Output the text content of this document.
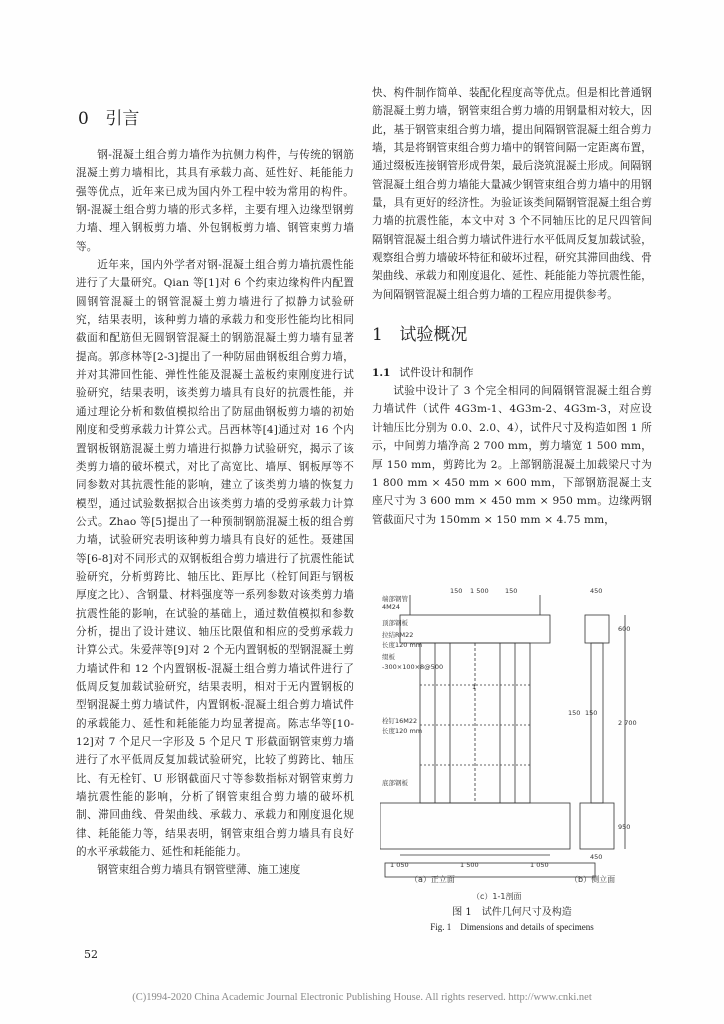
0 引言

钢-混凝土组合剪力墙作为抗侧力构件，与传统的钢筋混凝土剪力墙相比，其具有承载力高、延性好、耗能能力强等优点，近年来已成为国内外工程中较为常用的构件。钢-混凝土组合剪力墙的形式多样，主要有埋入边缘型钢剪力墙、埋入钢板剪力墙、外包钢板剪力墙、钢管束剪力墙等。

近年来，国内外学者对钢-混凝土组合剪力墙抗震性能进行了大量研究。Qian 等[1]对 6 个约束边缘构件内配置圆钢管混凝土的钢管混凝土剪力墙进行了拟静力试验研究，结果表明，该种剪力墙的承载力和变形性能均比相同截面和配筋但无圆钢管混凝土的钢筋混凝土剪力墙有显著提高。郭彦林等[2-3]提出了一种防屈曲钢板组合剪力墙，并对其滞回性能、弹性性能及混凝土盖板约束刚度进行试验研究，结果表明，该类剪力墙具有良好的抗震性能，并通过理论分析和数值模拟给出了防屈曲钢板剪力墙的初始刚度和受剪承载力计算公式。吕西林等[4]通过对 16 个内置钢板钢筋混凝土剪力墙进行拟静力试验研究，揭示了该类剪力墙的破坏模式，对比了高宽比、墙厚、钢板厚等不同参数对其抗震性能的影响，建立了该类剪力墙的恢复力模型，通过试验数据拟合出该类剪力墙的受剪承载力计算公式。Zhao 等[5]提出了一种预制钢筋混凝土板的组合剪力墙，试验研究表明该种剪力墙具有良好的延性。聂建国等[6-8]对不同形式的双钢板组合剪力墙进行了抗震性能试验研究，分析剪跨比、轴压比、距厚比（栓钉间距与钢板厚度之比）、含钢量、材料强度等一系列参数对该类剪力墙抗震性能的影响，在试验的基础上，通过数值模拟和参数分析，提出了设计建议、轴压比限值和相应的受剪承载力计算公式。朱爱萍等[9]对 2 个无内置钢板的型钢混凝土剪力墙试件和 12 个内置钢板-混凝土组合剪力墙试件进行了低周反复加载试验研究，结果表明，相对于无内置钢板的型钢混凝土剪力墙试件，内置钢板-混凝土组合剪力墙试件的承载能力、延性和耗能能力均显著提高。陈志华等[10-12]对 7 个足尺一字形及 5 个足尺 T 形截面钢管束剪力墙进行了水平低周反复加载试验研究，比较了剪跨比、轴压比、有无栓钉、U 形钢截面尺寸等参数指标对钢管束剪力墙抗震性能的影响，分析了钢管束组合剪力墙的破坏机制、滞回曲线、骨架曲线、承载力、承载力和刚度退化规律、耗能能力等，结果表明，钢管束组合剪力墙具有良好的水平承载能力、延性和耗能能力。

钢管束组合剪力墙具有钢管壁薄、施工速度

快、构件制作简单、装配化程度高等优点。但是相比普通钢筋混凝土剪力墙，钢管束组合剪力墙的用钢量相对较大，因此，基于钢管束组合剪力墙，提出间隔钢管混凝土组合剪力墙，其是将钢管束组合剪力墙中的钢管间隔一定距离布置，通过缀板连接钢管形成骨架，最后浇筑混凝土形成。间隔钢管混凝土组合剪力墙能大量减少钢管束组合剪力墙中的用钢量，具有更好的经济性。为验证该类间隔钢管混凝土组合剪力墙的抗震性能，本文中对 3 个不同轴压比的足尺四管间隔钢管混凝土组合剪力墙试件进行水平低周反复加载试验，观察组合剪力墙破坏特征和破坏过程，研究其滞回曲线、骨架曲线、承载力和刚度退化、延性、耗能能力等抗震性能，为间隔钢管混凝土组合剪力墙的工程应用提供参考。

1 试验概况
1.1 试件设计和制作

试验中设计了 3 个完全相同的间隔钢管混凝土组合剪力墙试件（试件 4G3m-1、4G3m-2、4G3m-3，对应设计轴压比分别为 0.0、2.0、4），试件尺寸及构造如图 1 所示，中间剪力墙净高 2 700 mm，剪力墙宽 1 500 mm，厚 150 mm，剪跨比为 2。上部钢筋混凝土加载梁尺寸为 1 800 mm × 450 mm × 600 mm，下部钢筋混凝土支座尺寸为 3 600 mm × 450 mm × 950 mm。边缘两钢管截面尺寸为 150mm × 150 mm × 4.75 mm，

端部钢管
4M24
顶部钢板
拉结RM22
长度120 mm
缀板
-300×100×8@500
栓钉16M22
长度120 mm
底部钢板
150 1 500	150
1 050	1 500	1 050
450
450
600
2 700
950
150 150
1
（a）正立面	（b）侧立面
（c）1-1剖面
图 1　试件几何尺寸及构造
Fig. 1　Dimensions and details of specimens
52
(C)1994-2020 China Academic Journal Electronic Publishing House. All rights reserved. http://www.cnki.net
